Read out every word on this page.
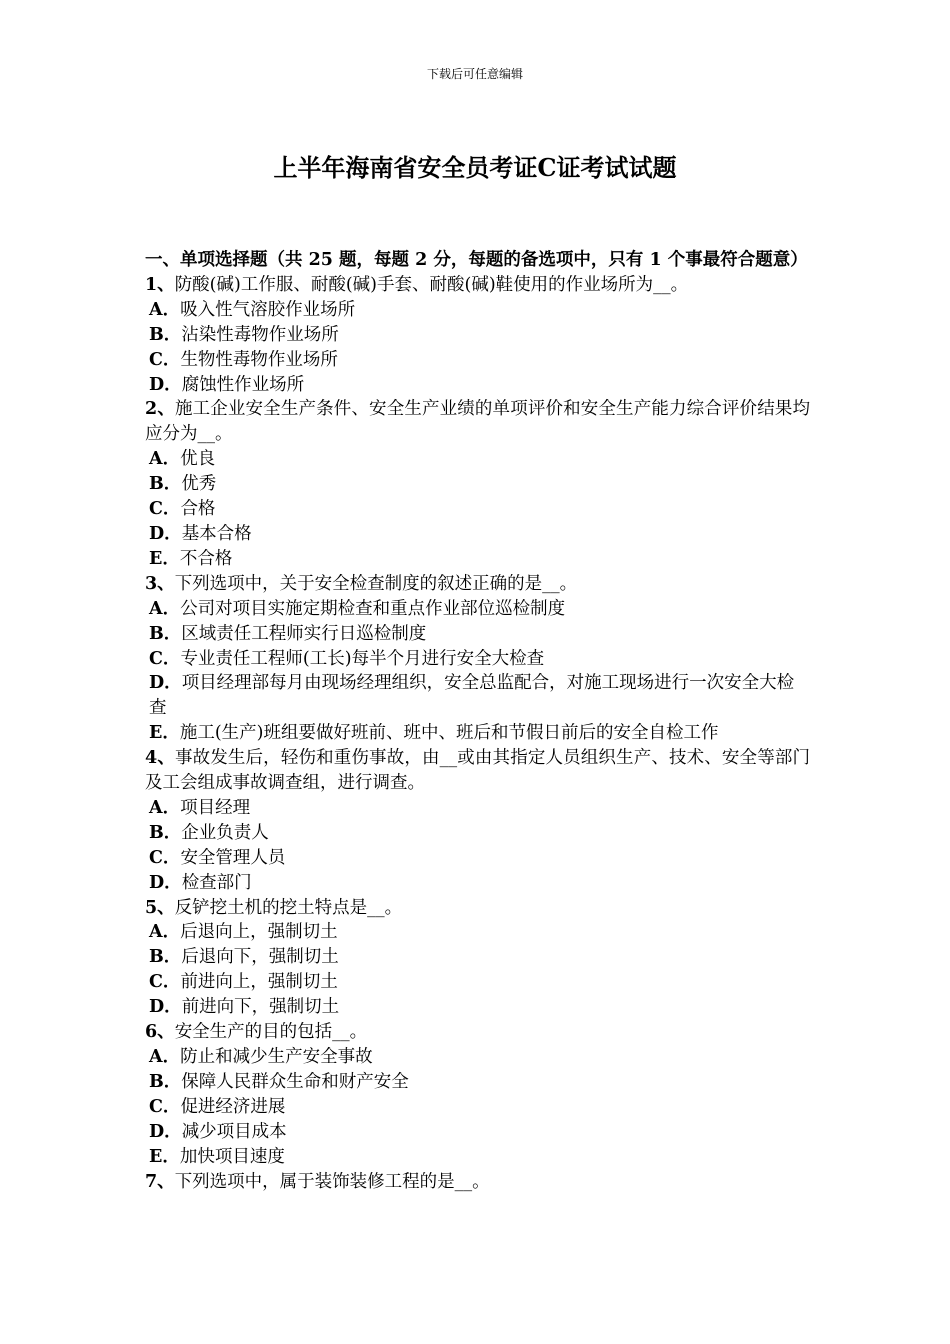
下载后可任意编辑
上半年海南省安全员考证C证考试试题

一、单项选择题（共 25 题，每题 2 分，每题的备选项中，只有 1 个事最符合题意）

1、防酸(碱)工作服、耐酸(碱)手套、耐酸(碱)鞋使用的作业场所为__。

A．吸入性气溶胶作业场所

B．沾染性毒物作业场所

C．生物性毒物作业场所

D．腐蚀性作业场所

2、施工企业安全生产条件、安全生产业绩的单项评价和安全生产能力综合评价结果均应分为__。

A．优良

B．优秀

C．合格

D．基本合格

E．不合格

3、下列选项中，关于安全检查制度的叙述正确的是__。

A．公司对项目实施定期检查和重点作业部位巡检制度

B．区域责任工程师实行日巡检制度

C．专业责任工程师(工长)每半个月进行安全大检查

D．项目经理部每月由现场经理组织，安全总监配合，对施工现场进行一次安全大检查

E．施工(生产)班组要做好班前、班中、班后和节假日前后的安全自检工作

4、事故发生后，轻伤和重伤事故，由__或由其指定人员组织生产、技术、安全等部门及工会组成事故调查组，进行调查。

A．项目经理

B．企业负责人

C．安全管理人员

D．检查部门

5、反铲挖土机的挖土特点是__。

A．后退向上，强制切土

B．后退向下，强制切土

C．前进向上，强制切土

D．前进向下，强制切土

6、安全生产的目的包括__。

A．防止和减少生产安全事故

B．保障人民群众生命和财产安全

C．促进经济进展

D．减少项目成本

E．加快项目速度

7、下列选项中，属于装饰装修工程的是__。
